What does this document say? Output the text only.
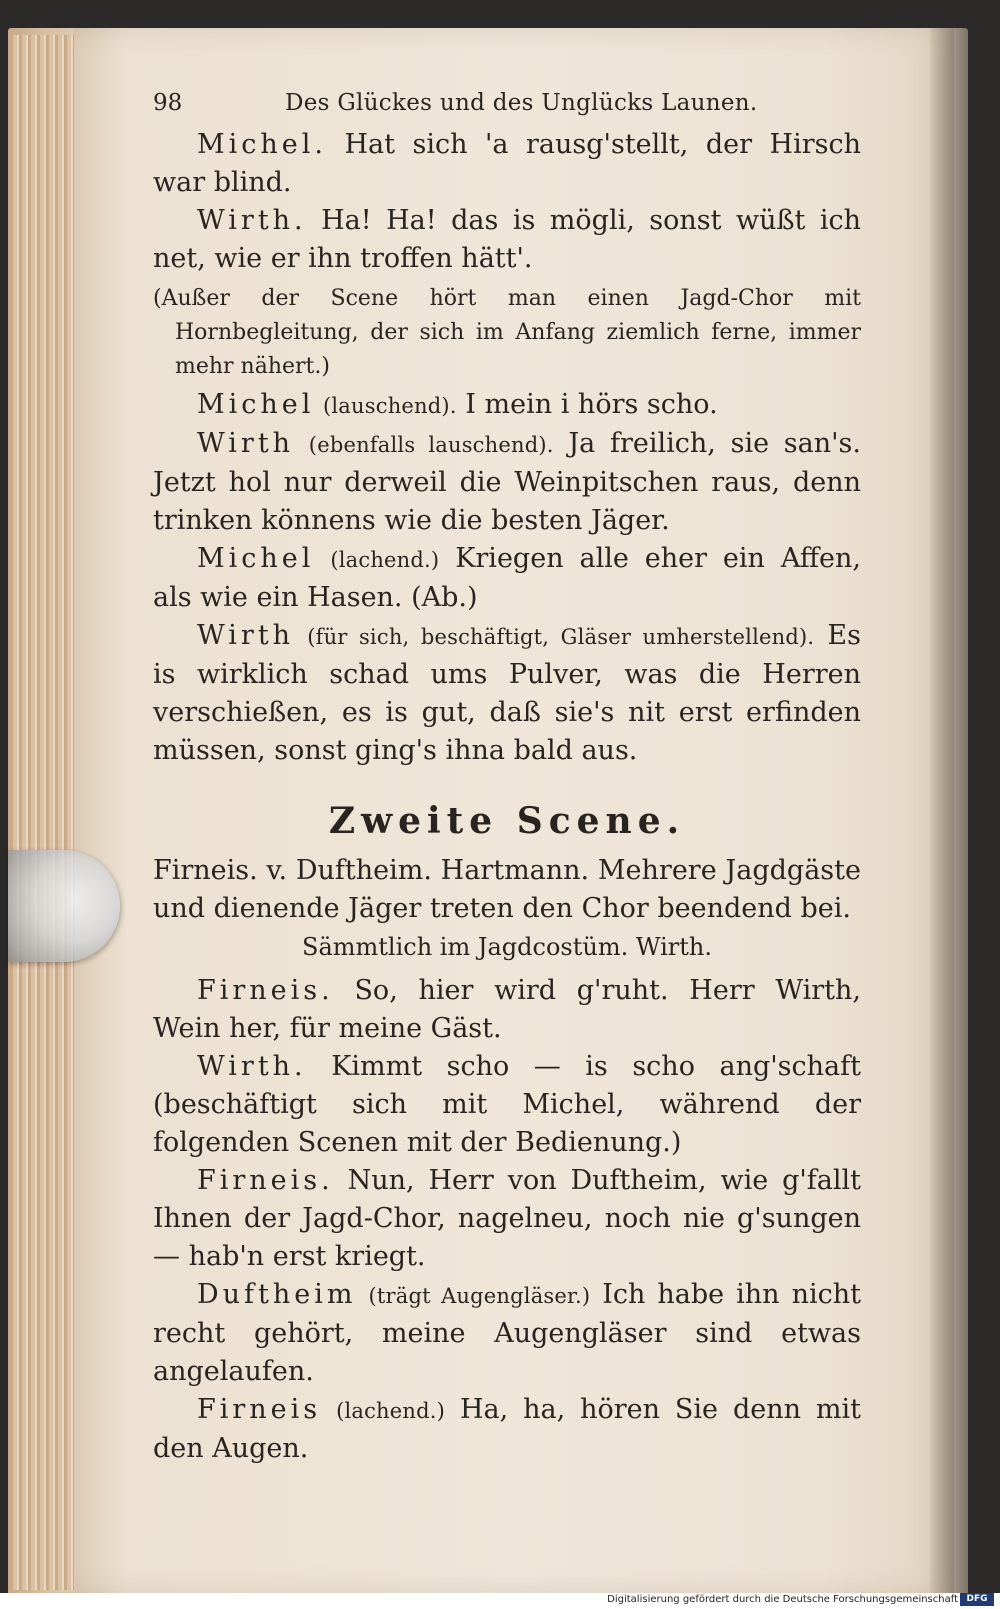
98	Des Glückes und des Unglücks Launen.

Michel. Hat sich 'a rausg'stellt, der Hirsch war blind.

Wirth. Ha! Ha! das is mögli, sonst wüßt ich net, wie er ihn troffen hätt'.

(Außer der Scene hört man einen Jagd-Chor mit Hornbegleitung, der sich im Anfang ziemlich ferne, immer mehr nähert.)

Michel (lauschend). I mein i hörs scho.

Wirth (ebenfalls lauschend). Ja freilich, sie san's. Jetzt hol nur derweil die Weinpitschen raus, denn trinken könnens wie die besten Jäger.

Michel (lachend.) Kriegen alle eher ein Affen, als wie ein Hasen. (Ab.)

Wirth (für sich, beschäftigt, Gläser umherstellend). Es is wirklich schad ums Pulver, was die Herren verschießen, es is gut, daß sie's nit erst erfinden müssen, sonst ging's ihna bald aus.

Zweite Scene.

Firneis. v. Duftheim. Hartmann. Mehrere Jagdgäste und dienende Jäger treten den Chor beendend bei.

Sämmtlich im Jagdcostüm. Wirth.

Firneis. So, hier wird g'ruht. Herr Wirth, Wein her, für meine Gäst.

Wirth. Kimmt scho — is scho ang'schaft (beschäftigt sich mit Michel, während der folgenden Scenen mit der Bedienung.)

Firneis. Nun, Herr von Duftheim, wie g'fallt Ihnen der Jagd-Chor, nagelneu, noch nie g'sungen — hab'n erst kriegt.

Duftheim (trägt Augengläser.) Ich habe ihn nicht recht gehört, meine Augengläser sind etwas angelaufen.

Firneis (lachend.) Ha, ha, hören Sie denn mit den Augen.

Digitalisierung gefördert durch die Deutsche Forschungsgemeinschaft DFG
